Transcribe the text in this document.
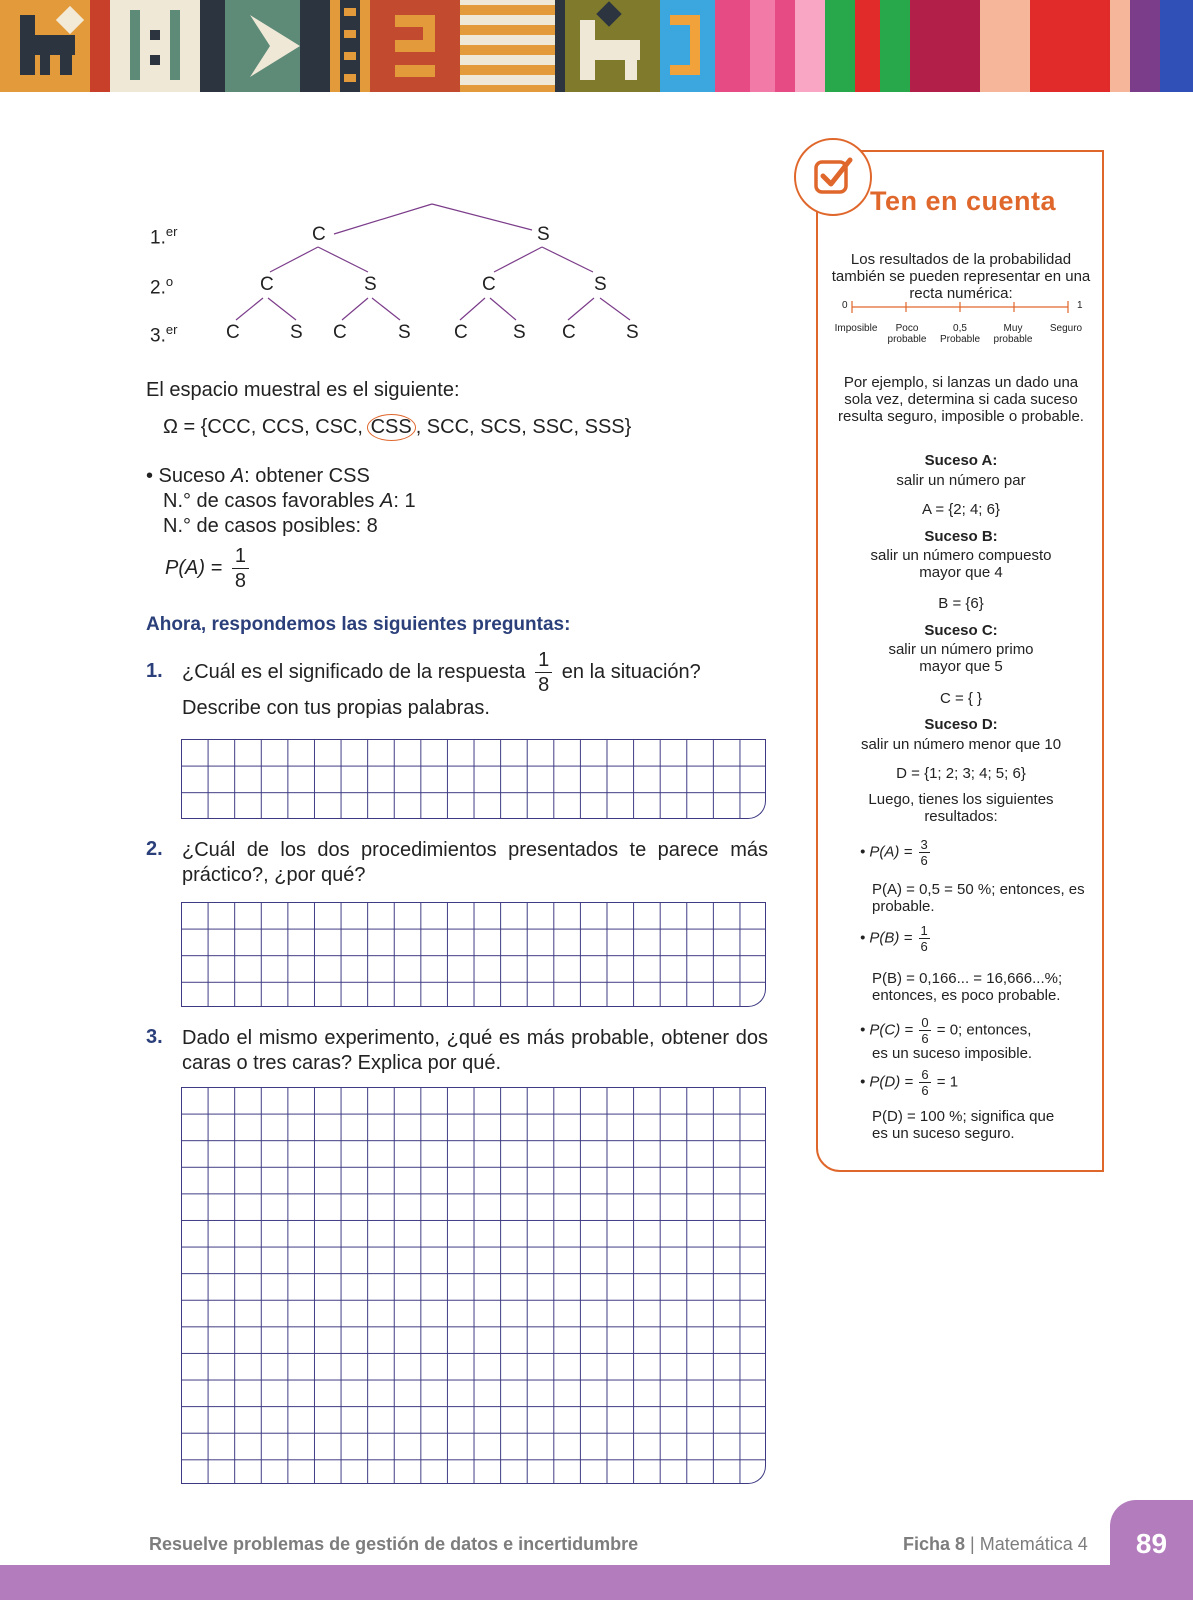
1.$^{er}$
2.$^o$
3.$^{er}$
C	S
C	S	C	S
C	S C	S C S C	S
El espacio muestral es el siguiente:
Ω = {CCC, CCS, CSC, CSS , SCC, SCS, SSC, SSS}
• Suceso A: obtener CSS
N.° de casos favorables A: 1
N.° de casos posibles: 8
$P(A) = \frac{1}{8}$
Ahora, respondemos las siguientes preguntas:
1. ¿Cuál es el significado de la respuesta $\frac{1}{8}$ en la situación?
Describe con tus propias palabras.
2. ¿Cuál de los dos procedimientos presentados te parece más práctico?, ¿por qué?
3. Dado el mismo experimento, ¿qué es más probable, obtener dos caras o tres caras? Explica por qué.
Ten en cuenta
Los resultados de la probabilidad también se pueden representar en una recta numérica:
0	1
Imposible	Poco probable
0,5 Probable
Muy probable
Seguro
Por ejemplo, si lanzas un dado una sola vez, determina si cada suceso resulta seguro, imposible o probable.
Suceso A:
salir un número par
A = {2; 4; 6}
Suceso B:
salir un número compuesto mayor que 4
B = {6}
Suceso C:
salir un número primo mayor que 5
C = { }
Suceso D:
salir un número menor que 10
D = {1; 2; 3; 4; 5; 6}
Luego, tienes los siguientes resultados:
• $P(A) = \frac{3}{6}$
P(A) = 0,5 = 50 %; entonces, es probable.
• $P(B) = \frac{1}{6}$
P(B) = 0,166... = 16,666...%; entonces, es poco probable.
• $P(C) = \frac{0}{6} = 0$; entonces,
es un suceso imposible.
• $P(D) = \frac{6}{6} = 1$
P(D) = 100 %; significa que es un suceso seguro.
Resuelve problemas de gestión de datos e incertidumbre	Ficha 8 | Matemática 4	89
